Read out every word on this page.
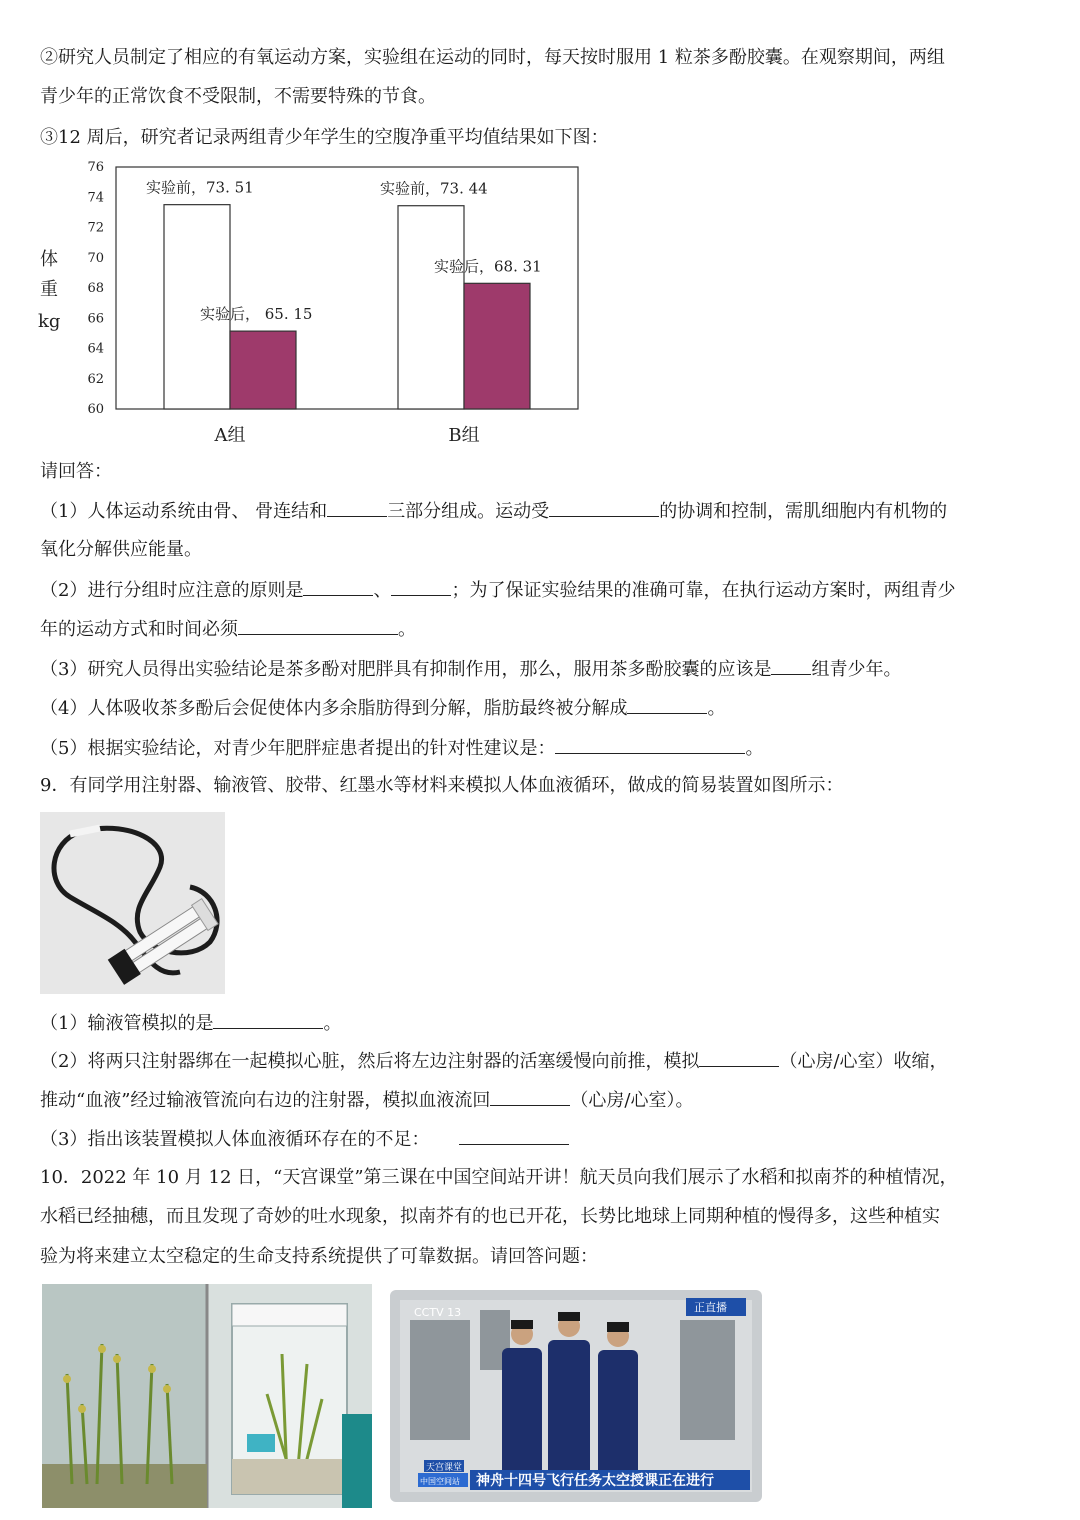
②研究人员制定了相应的有氧运动方案，实验组在运动的同时，每天按时服用 1 粒茶多酚胶囊。在观察期间，两组
青少年的正常饮食不受限制，不需要特殊的节食。
③12 周后，研究者记录两组青少年学生的空腹净重平均值结果如下图：
体
重
kg
60
62
64
66
68
70
72
74
76
实验前，73. 51	实验前，73. 44
实验后， 65. 15
实验后，68. 31
A组	B组
请回答：
（1）人体运动系统由骨、 骨连结和	三部分组成。运动受	的协调和控制，需肌细胞内有机物的
氧化分解供应能量。
（2）进行分组时应注意的原则是	、	；为了保证实验结果的准确可靠，在执行运动方案时，两组青少
年的运动方式和时间必须	。
（3）研究人员得出实验结论是茶多酚对肥胖具有抑制作用，那么，服用茶多酚胶囊的应该是 组青少年。
（4）人体吸收茶多酚后会促使体内多余脂肪得到分解，脂肪最终被分解成	。
（5）根据实验结论，对青少年肥胖症患者提出的针对性建议是：	。
9．有同学用注射器、输液管、胶带、红墨水等材料来模拟人体血液循环，做成的简易装置如图所示：
（1）输液管模拟的是	。
（2）将两只注射器绑在一起模拟心脏，然后将左边注射器的活塞缓慢向前推，模拟	（心房/心室）收缩，
推动“血液”经过输液管流向右边的注射器，模拟血液流回	（心房/心室）。
（3）指出该装置模拟人体血液循环存在的不足：
10．2022 年 10 月 12 日，“天宫课堂”第三课在中国空间站开讲！航天员向我们展示了水稻和拟南芥的种植情况，
水稻已经抽穗，而且发现了奇妙的吐水现象，拟南芥有的也已开花，长势比地球上同期种植的慢得多，这些种植实
验为将来建立太空稳定的生命支持系统提供了可靠数据。请回答问题：
CCTV 13	正直播
天宫课堂
中国空间站 神舟十四号飞行任务太空授课正在进行
